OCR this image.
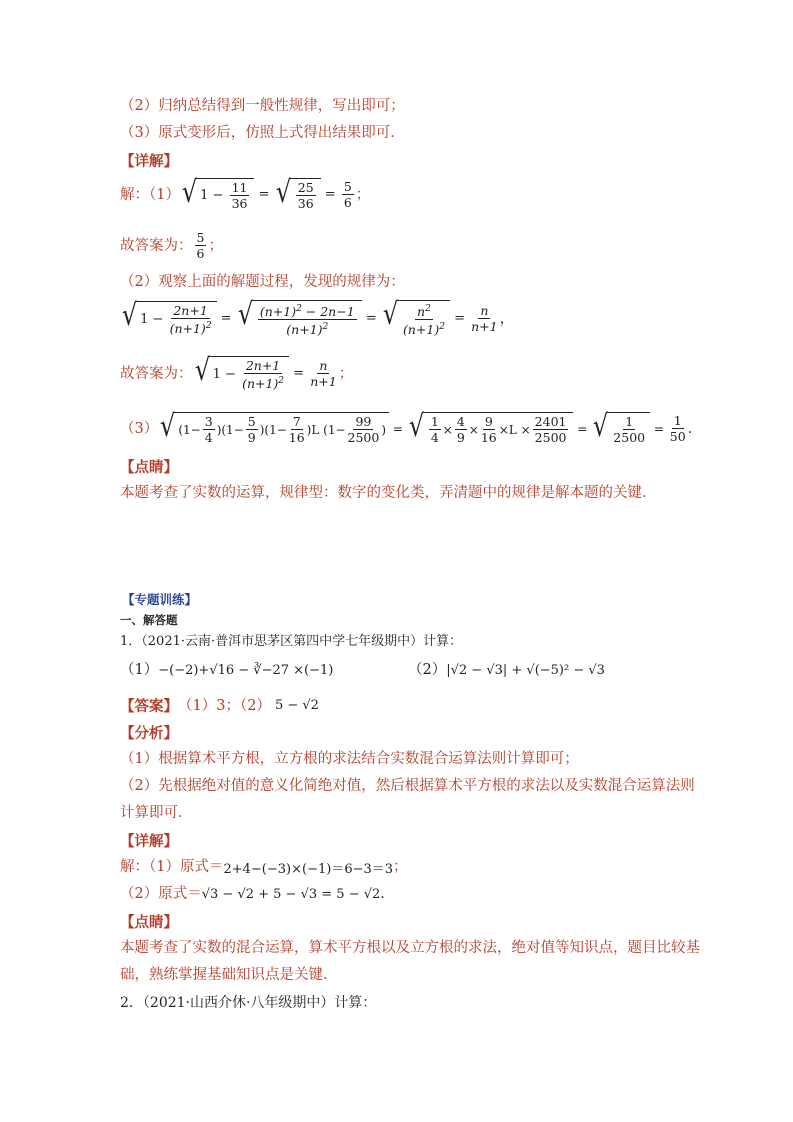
（2）归纳总结得到一般性规律，写出即可；
（3）原式变形后，仿照上式得出结果即可．
【详解】
解：（1） √ $1 - \frac{11}{36}$ = √ $\frac{25}{36} = \frac{5}{6}$ ；
故答案为： $\frac{5}{6}$ ；
（2）观察上面的解题过程，发现的规律为：
√ $1 - \frac{2n+1}{(n+1)^2}$ = √ $\frac{(n+1)^2 - 2n-1}{(n+1)^2}$ = √ $\frac{n^2}{(n+1)^2} = \frac{n}{n+1}$ ，
故答案为： √ $1 - \frac{2n+1}{(n+1)^2} = \frac{n}{n+1}$ ；
（3） √ $(1- \frac{3}{4} )(1- \frac{5}{9} )(1- \frac{7}{16}$ ) L ($1- \frac{99}{2500}$ ) = √ $\frac{1}{4} \times \frac{4}{9} \times \frac{9}{16} \times L \times \frac{2401}{2500}$ = √ $\frac{1}{2500} = \frac{1}{50}$ ．
【点睛】
本题考查了实数的运算，规律型：数字的变化类，弄清题中的规律是解本题的关键．
【专题训练】
一、解答题
1．（2021·云南·普洱市思茅区第四中学七年级期中）计算：
（1） −(−2)+√16 − ∛−27 ×(−1)	（2） |√2 − √3| + √(−5)² − √3
【答案】 （1）3；（2） 5 − √2
【分析】
（1）根据算术平方根，立方根的求法结合实数混合运算法则计算即可；
（2）先根据绝对值的意义化简绝对值，然后根据算术平方根的求法以及实数混合运算法则
计算即可．
【详解】
解：（1）原式＝ 2+4−(−3)×(−1)＝6−3＝3 ；
（2）原式＝ √3 − √2 + 5 − √3 = 5 − √2 ．
【点睛】
本题考查了实数的混合运算，算术平方根以及立方根的求法，绝对值等知识点，题目比较基
础，熟练掌握基础知识点是关键．
2．（2021·山西介休·八年级期中）计算：
